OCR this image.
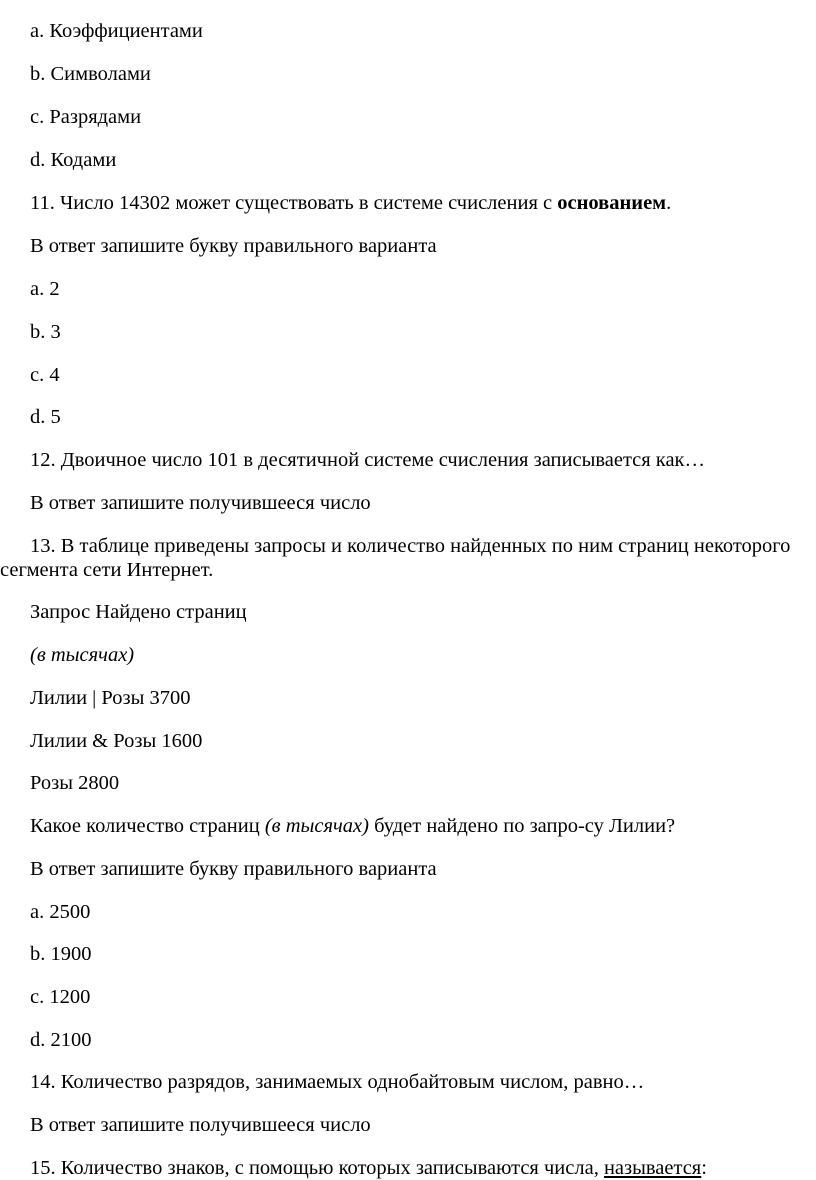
a. Коэффициентами
b. Символами
c. Разрядами
d. Кодами
11. Число 14302 может существовать в системе счисления с основанием.
В ответ запишите букву правильного варианта
a. 2
b. 3
c. 4
d. 5
12. Двоичное число 101 в десятичной системе счисления записывается как…
В ответ запишите получившееся число
13. В таблице приведены запросы и количество найденных по ним страниц некоторого сегмента сети Интернет.
Запрос Найдено страниц
(в тысячах)
Лилии | Розы 3700
Лилии & Розы 1600
Розы 2800
Какое количество страниц (в тысячах) будет найдено по запро-су Лилии?
В ответ запишите букву правильного варианта
a. 2500
b. 1900
c. 1200
d. 2100
14. Количество разрядов, занимаемых однобайтовым числом, равно…
В ответ запишите получившееся число
15. Количество знаков, с помощью которых записываются числа, называется:
